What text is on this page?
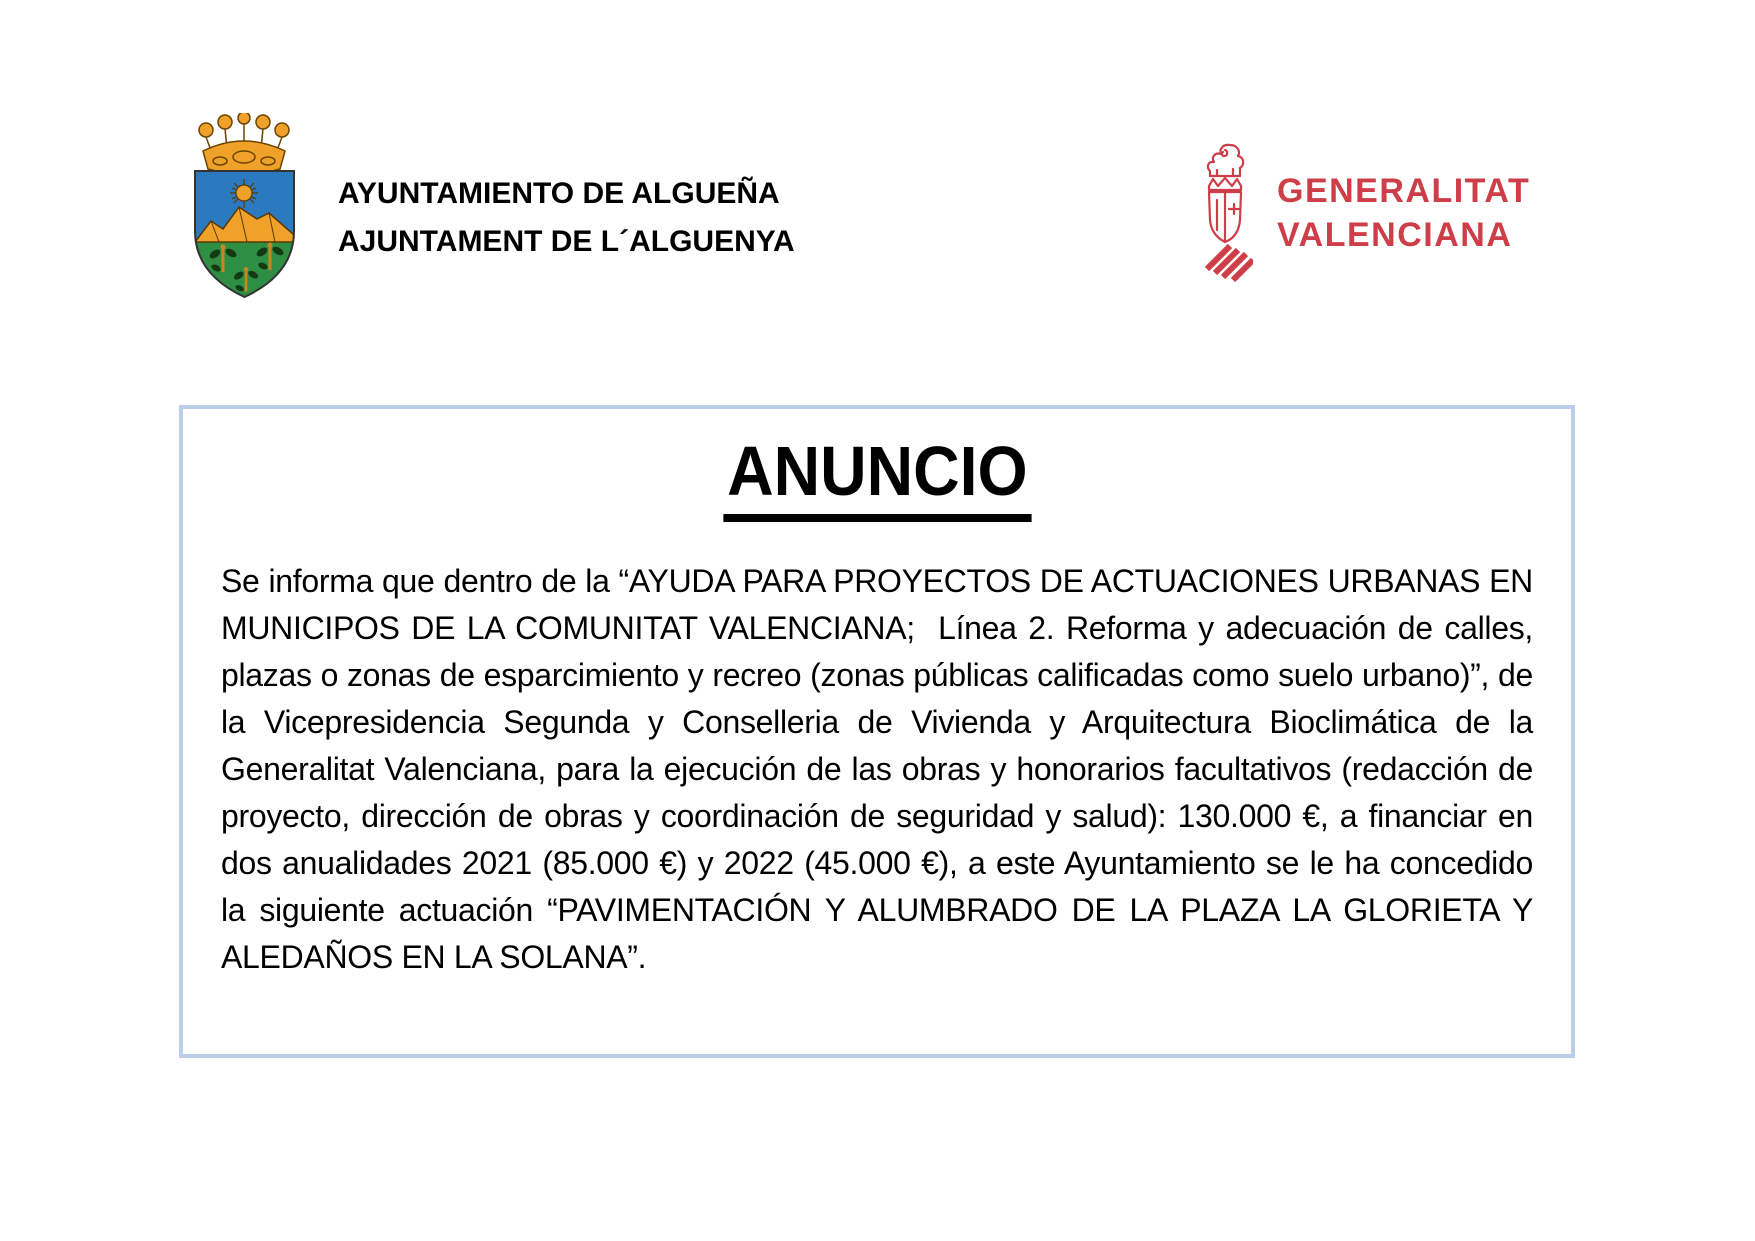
AYUNTAMIENTO DE ALGUEÑA
AJUNTAMENT DE L´ALGUENYA
GENERALITAT
VALENCIANA
ANUNCIO

Se informa que dentro de la “AYUDA PARA PROYECTOS DE ACTUACIONES URBANAS EN MUNICIPOS DE LA COMUNITAT VALENCIANA;  Línea 2. Reforma y adecuación de calles, plazas o zonas de esparcimiento y recreo (zonas públicas calificadas como suelo urbano)”, de la Vicepresidencia Segunda y Conselleria de Vivienda y Arquitectura Bioclimática de la Generalitat Valenciana, para la ejecución de las obras y honorarios facultativos (redacción de proyecto, dirección de obras y coordinación de seguridad y salud): 130.000 €, a financiar en dos anualidades 2021 (85.000 €) y 2022 (45.000 €), a este Ayuntamiento se le ha concedido la siguiente actuación “PAVIMENTACIÓN Y ALUMBRADO DE LA PLAZA LA GLORIETA Y ALEDAÑOS EN LA SOLANA”.
